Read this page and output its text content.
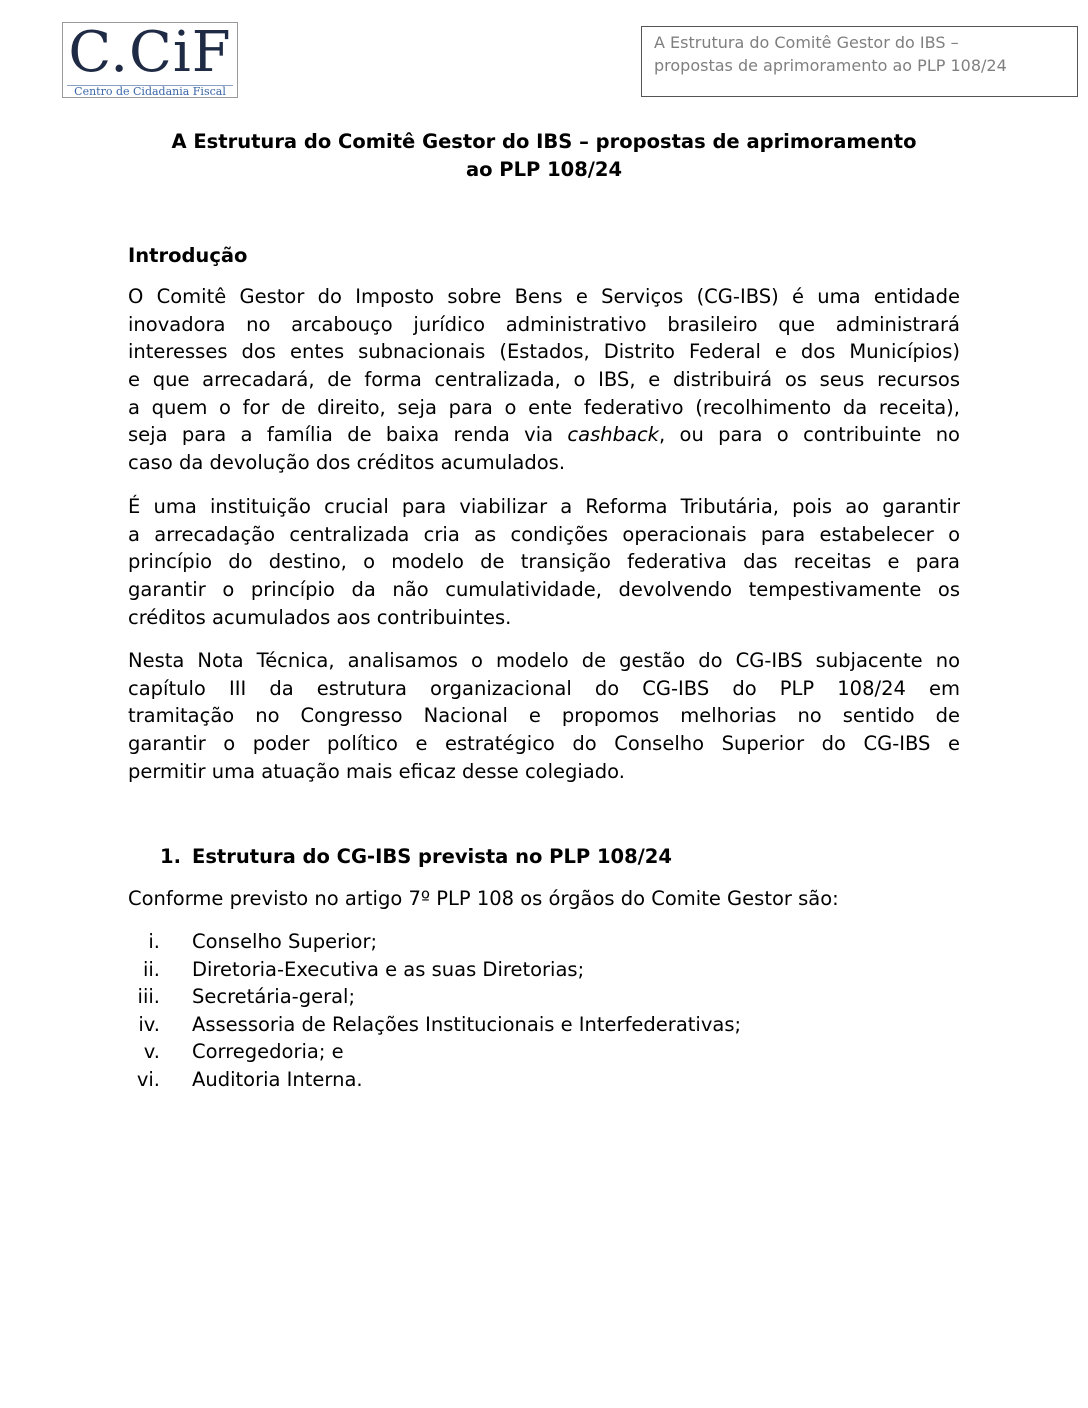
C.CiF
Centro de Cidadania Fiscal
A Estrutura do Comitê Gestor do IBS –
propostas de aprimoramento ao PLP 108/24
A Estrutura do Comitê Gestor do IBS – propostas de aprimoramento
ao PLP 108/24
Introdução
O Comitê Gestor do Imposto sobre Bens e Serviços (CG-IBS) é uma entidade
inovadora no arcabouço jurídico administrativo brasileiro que administrará
interesses dos entes subnacionais (Estados, Distrito Federal e dos Municípios)
e que arrecadará, de forma centralizada, o IBS, e distribuirá os seus recursos
a quem o for de direito, seja para o ente federativo (recolhimento da receita),
seja para a família de baixa renda via cashback, ou para o contribuinte no
caso da devolução dos créditos acumulados.
É uma instituição crucial para viabilizar a Reforma Tributária, pois ao garantir
a arrecadação centralizada cria as condições operacionais para estabelecer o
princípio do destino, o modelo de transição federativa das receitas e para
garantir o princípio da não cumulatividade, devolvendo tempestivamente os
créditos acumulados aos contribuintes.
Nesta Nota Técnica, analisamos o modelo de gestão do CG-IBS subjacente no
capítulo III da estrutura organizacional do CG-IBS do PLP 108/24 em
tramitação no Congresso Nacional e propomos melhorias no sentido de
garantir o poder político e estratégico do Conselho Superior do CG-IBS e
permitir uma atuação mais eficaz desse colegiado.
1. Estrutura do CG-IBS prevista no PLP 108/24
Conforme previsto no artigo 7º PLP 108 os órgãos do Comite Gestor são:
i. Conselho Superior;
ii. Diretoria-Executiva e as suas Diretorias;
iii. Secretária-geral;
iv. Assessoria de Relações Institucionais e Interfederativas;
v. Corregedoria; e
vi. Auditoria Interna.
